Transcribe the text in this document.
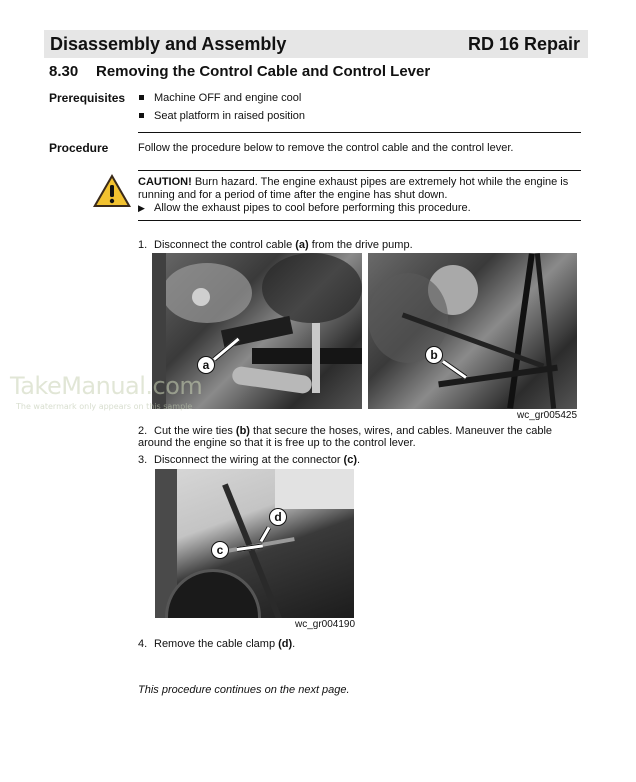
Disassembly and Assembly	RD 16 Repair
8.30 Removing the Control Cable and Control Lever
Prerequisites	Machine OFF and engine cool
Seat platform in raised position
Procedure	Follow the procedure below to remove the control cable and the control lever.
CAUTION! Burn hazard. The engine exhaust pipes are extremely hot while the engine is running and for a period of time after the engine has shut down.
▶ Allow the exhaust pipes to cool before performing this procedure.
1. Disconnect the control cable (a) from the drive pump.
a
b
wc_gr005425
TakeManual.com
The watermark only appears on this sample
2. Cut the wire ties (b) that secure the hoses, wires, and cables. Maneuver the cable around the engine so that it is free up to the control lever.
3. Disconnect the wiring at the connector (c).
c
d
wc_gr004190
4. Remove the cable clamp (d).
This procedure continues on the next page.
